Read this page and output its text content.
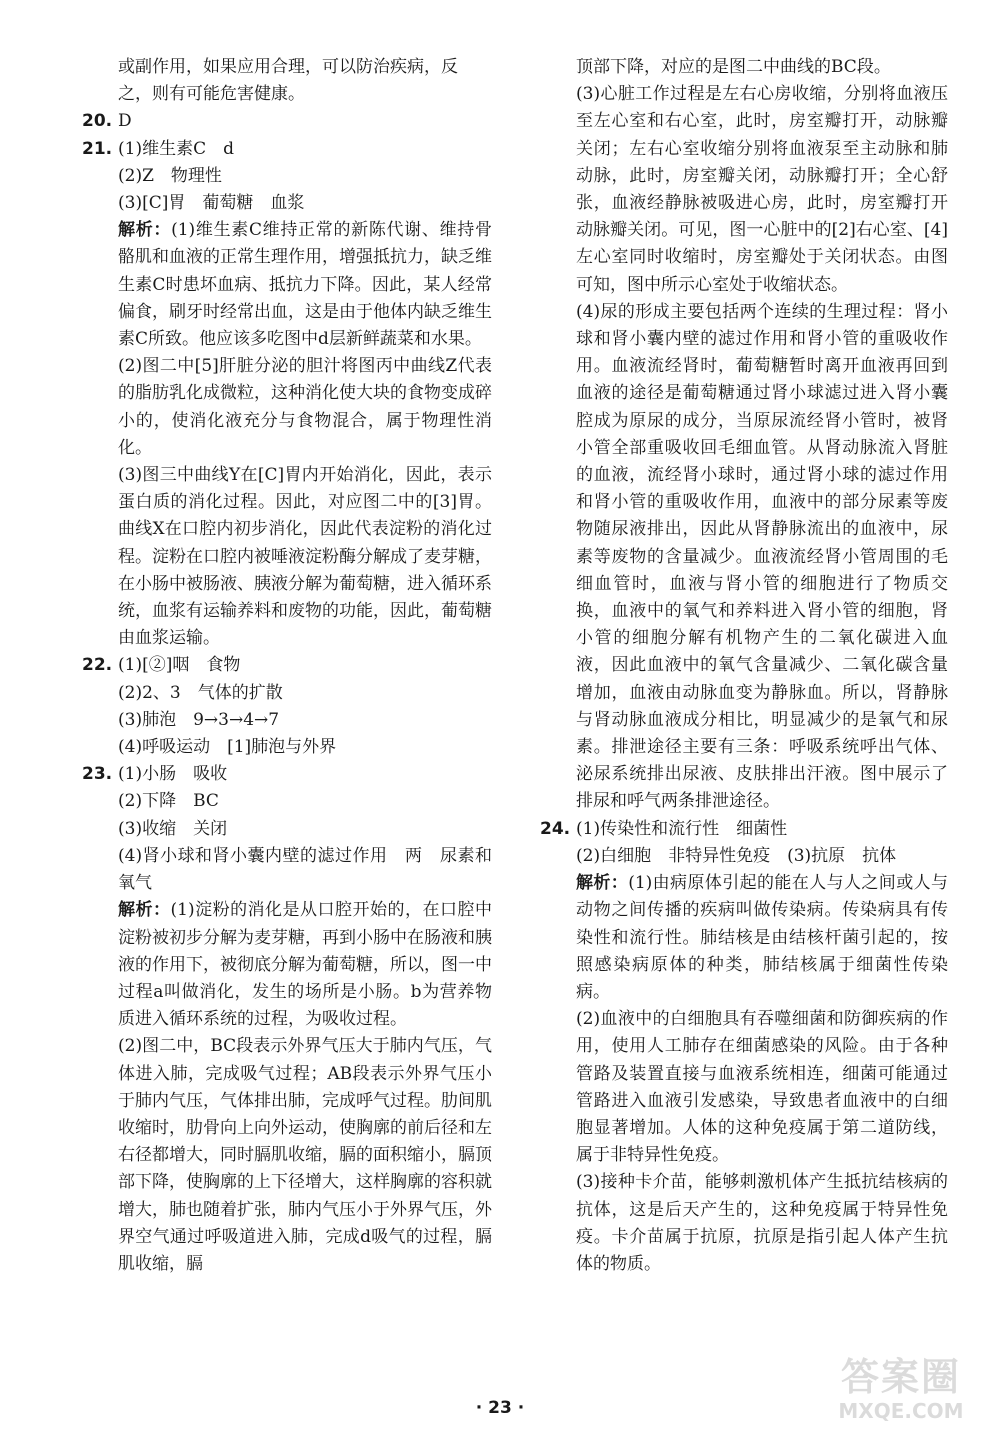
或副作用，如果应用合理，可以防治疾病，反

之，则有可能危害健康。

20. D
21. (1)维生素C　d

(2)Z　物理性

(3)[C]胃　葡萄糖　血浆

解析：(1)维生素C维持正常的新陈代谢、维持骨骼肌和血液的正常生理作用，增强抵抗力，缺乏维生素C时患坏血病、抵抗力下降。因此，某人经常偏食，刷牙时经常出血，这是由于他体内缺乏维生素C所致。他应该多吃图中d层新鲜蔬菜和水果。

(2)图二中[5]肝脏分泌的胆汁将图丙中曲线Z代表的脂肪乳化成微粒，这种消化使大块的食物变成碎小的，使消化液充分与食物混合，属于物理性消化。

(3)图三中曲线Y在[C]胃内开始消化，因此，表示蛋白质的消化过程。因此，对应图二中的[3]胃。曲线X在口腔内初步消化，因此代表淀粉的消化过程。淀粉在口腔内被唾液淀粉酶分解成了麦芽糖，在小肠中被肠液、胰液分解为葡萄糖，进入循环系统，血浆有运输养料和废物的功能，因此，葡萄糖由血浆运输。

22. (1)[②]咽　食物

(2)2、3　气体的扩散

(3)肺泡　9→3→4→7

(4)呼吸运动　[1]肺泡与外界

23. (1)小肠　吸收

(2)下降　BC

(3)收缩　关闭

(4)肾小球和肾小囊内壁的滤过作用　两　尿素和氧气

解析：(1)淀粉的消化是从口腔开始的，在口腔中淀粉被初步分解为麦芽糖，再到小肠中在肠液和胰液的作用下，被彻底分解为葡萄糖，所以，图一中过程a叫做消化，发生的场所是小肠。b为营养物质进入循环系统的过程，为吸收过程。

(2)图二中，BC段表示外界气压大于肺内气压，气体进入肺，完成吸气过程；AB段表示外界气压小于肺内气压，气体排出肺，完成呼气过程。肋间肌收缩时，肋骨向上向外运动，使胸廓的前后径和左右径都增大，同时膈肌收缩，膈的面积缩小，膈顶部下降，使胸廓的上下径增大，这样胸廓的容积就增大，肺也随着扩张，肺内气压小于外界气压，外界空气通过呼吸道进入肺，完成d吸气的过程，膈肌收缩，膈

顶部下降，对应的是图二中曲线的BC段。

(3)心脏工作过程是左右心房收缩，分别将血液压至左心室和右心室，此时，房室瓣打开，动脉瓣关闭；左右心室收缩分别将血液泵至主动脉和肺动脉，此时，房室瓣关闭，动脉瓣打开；全心舒张，血液经静脉被吸进心房，此时，房室瓣打开动脉瓣关闭。可见，图一心脏中的[2]右心室、[4]左心室同时收缩时，房室瓣处于关闭状态。由图可知，图中所示心室处于收缩状态。

(4)尿的形成主要包括两个连续的生理过程：肾小球和肾小囊内壁的滤过作用和肾小管的重吸收作用。血液流经肾时，葡萄糖暂时离开血液再回到血液的途径是葡萄糖通过肾小球滤过进入肾小囊腔成为原尿的成分，当原尿流经肾小管时，被肾小管全部重吸收回毛细血管。从肾动脉流入肾脏的血液，流经肾小球时，通过肾小球的滤过作用和肾小管的重吸收作用，血液中的部分尿素等废物随尿液排出，因此从肾静脉流出的血液中，尿素等废物的含量减少。血液流经肾小管周围的毛细血管时，血液与肾小管的细胞进行了物质交换，血液中的氧气和养料进入肾小管的细胞，肾小管的细胞分解有机物产生的二氧化碳进入血液，因此血液中的氧气含量减少、二氧化碳含量增加，血液由动脉血变为静脉血。所以，肾静脉与肾动脉血液成分相比，明显减少的是氧气和尿素。排泄途径主要有三条：呼吸系统呼出气体、泌尿系统排出尿液、皮肤排出汗液。图中展示了排尿和呼气两条排泄途径。

24. (1)传染性和流行性　细菌性

(2)白细胞　非特异性免疫　(3)抗原　抗体

解析：(1)由病原体引起的能在人与人之间或人与动物之间传播的疾病叫做传染病。传染病具有传染性和流行性。肺结核是由结核杆菌引起的，按照感染病原体的种类，肺结核属于细菌性传染病。

(2)血液中的白细胞具有吞噬细菌和防御疾病的作用，使用人工肺存在细菌感染的风险。由于各种管路及装置直接与血液系统相连，细菌可能通过管路进入血液引发感染，导致患者血液中的白细胞显著增加。人体的这种免疫属于第二道防线，属于非特异性免疫。

(3)接种卡介苗，能够刺激机体产生抵抗结核病的抗体，这是后天产生的，这种免疫属于特异性免疫。卡介苗属于抗原，抗原是指引起人体产生抗体的物质。

· 23 ·
答案圈
MXQE.COM
